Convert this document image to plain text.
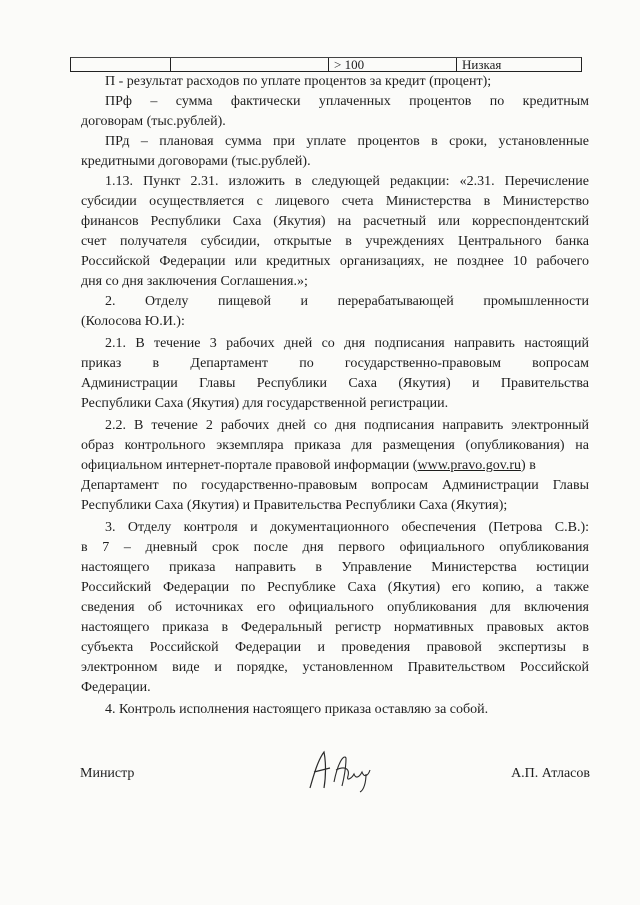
> 100	Низкая
П - результат расходов по уплате процентов за кредит (процент);
ПРф – сумма фактически уплаченных процентов по кредитным
договорам (тыс.рублей).
ПРд – плановая сумма при уплате процентов в сроки, установленные
кредитными договорами (тыс.рублей).
1.13. Пункт 2.31. изложить в следующей редакции: «2.31. Перечисление
субсидии осуществляется с лицевого счета Министерства в Министерство
финансов Республики Саха (Якутия) на расчетный или корреспондентский
счет получателя субсидии, открытые в учреждениях Центрального банка
Российской Федерации или кредитных организациях, не позднее 10 рабочего
дня со дня заключения Соглашения.»;
2. Отделу пищевой и перерабатывающей промышленности
(Колосова Ю.И.):
2.1. В течение 3 рабочих дней со дня подписания направить настоящий
приказ в Департамент по государственно-правовым вопросам
Администрации Главы Республики Саха (Якутия) и Правительства
Республики Саха (Якутия) для государственной регистрации.
2.2. В течение 2 рабочих дней со дня подписания направить электронный
образ контрольного экземпляра приказа для размещения (опубликования) на
официальном интернет-портале правовой информации (www.pravo.gov.ru) в
Департамент по государственно-правовым вопросам Администрации Главы
Республики Саха (Якутия) и Правительства Республики Саха (Якутия);
3. Отделу контроля и документационного обеспечения (Петрова С.В.):
в 7 – дневный срок после дня первого официального опубликования
настоящего приказа направить в Управление Министерства юстиции
Российский Федерации по Республике Саха (Якутия) его копию, а также
сведения об источниках его официального опубликования для включения
настоящего приказа в Федеральный регистр нормативных правовых актов
субъекта Российской Федерации и проведения правовой экспертизы в
электронном виде и порядке, установленном Правительством Российской
Федерации.
4. Контроль исполнения настоящего приказа оставляю за собой.
Министр	А.П. Атласов
